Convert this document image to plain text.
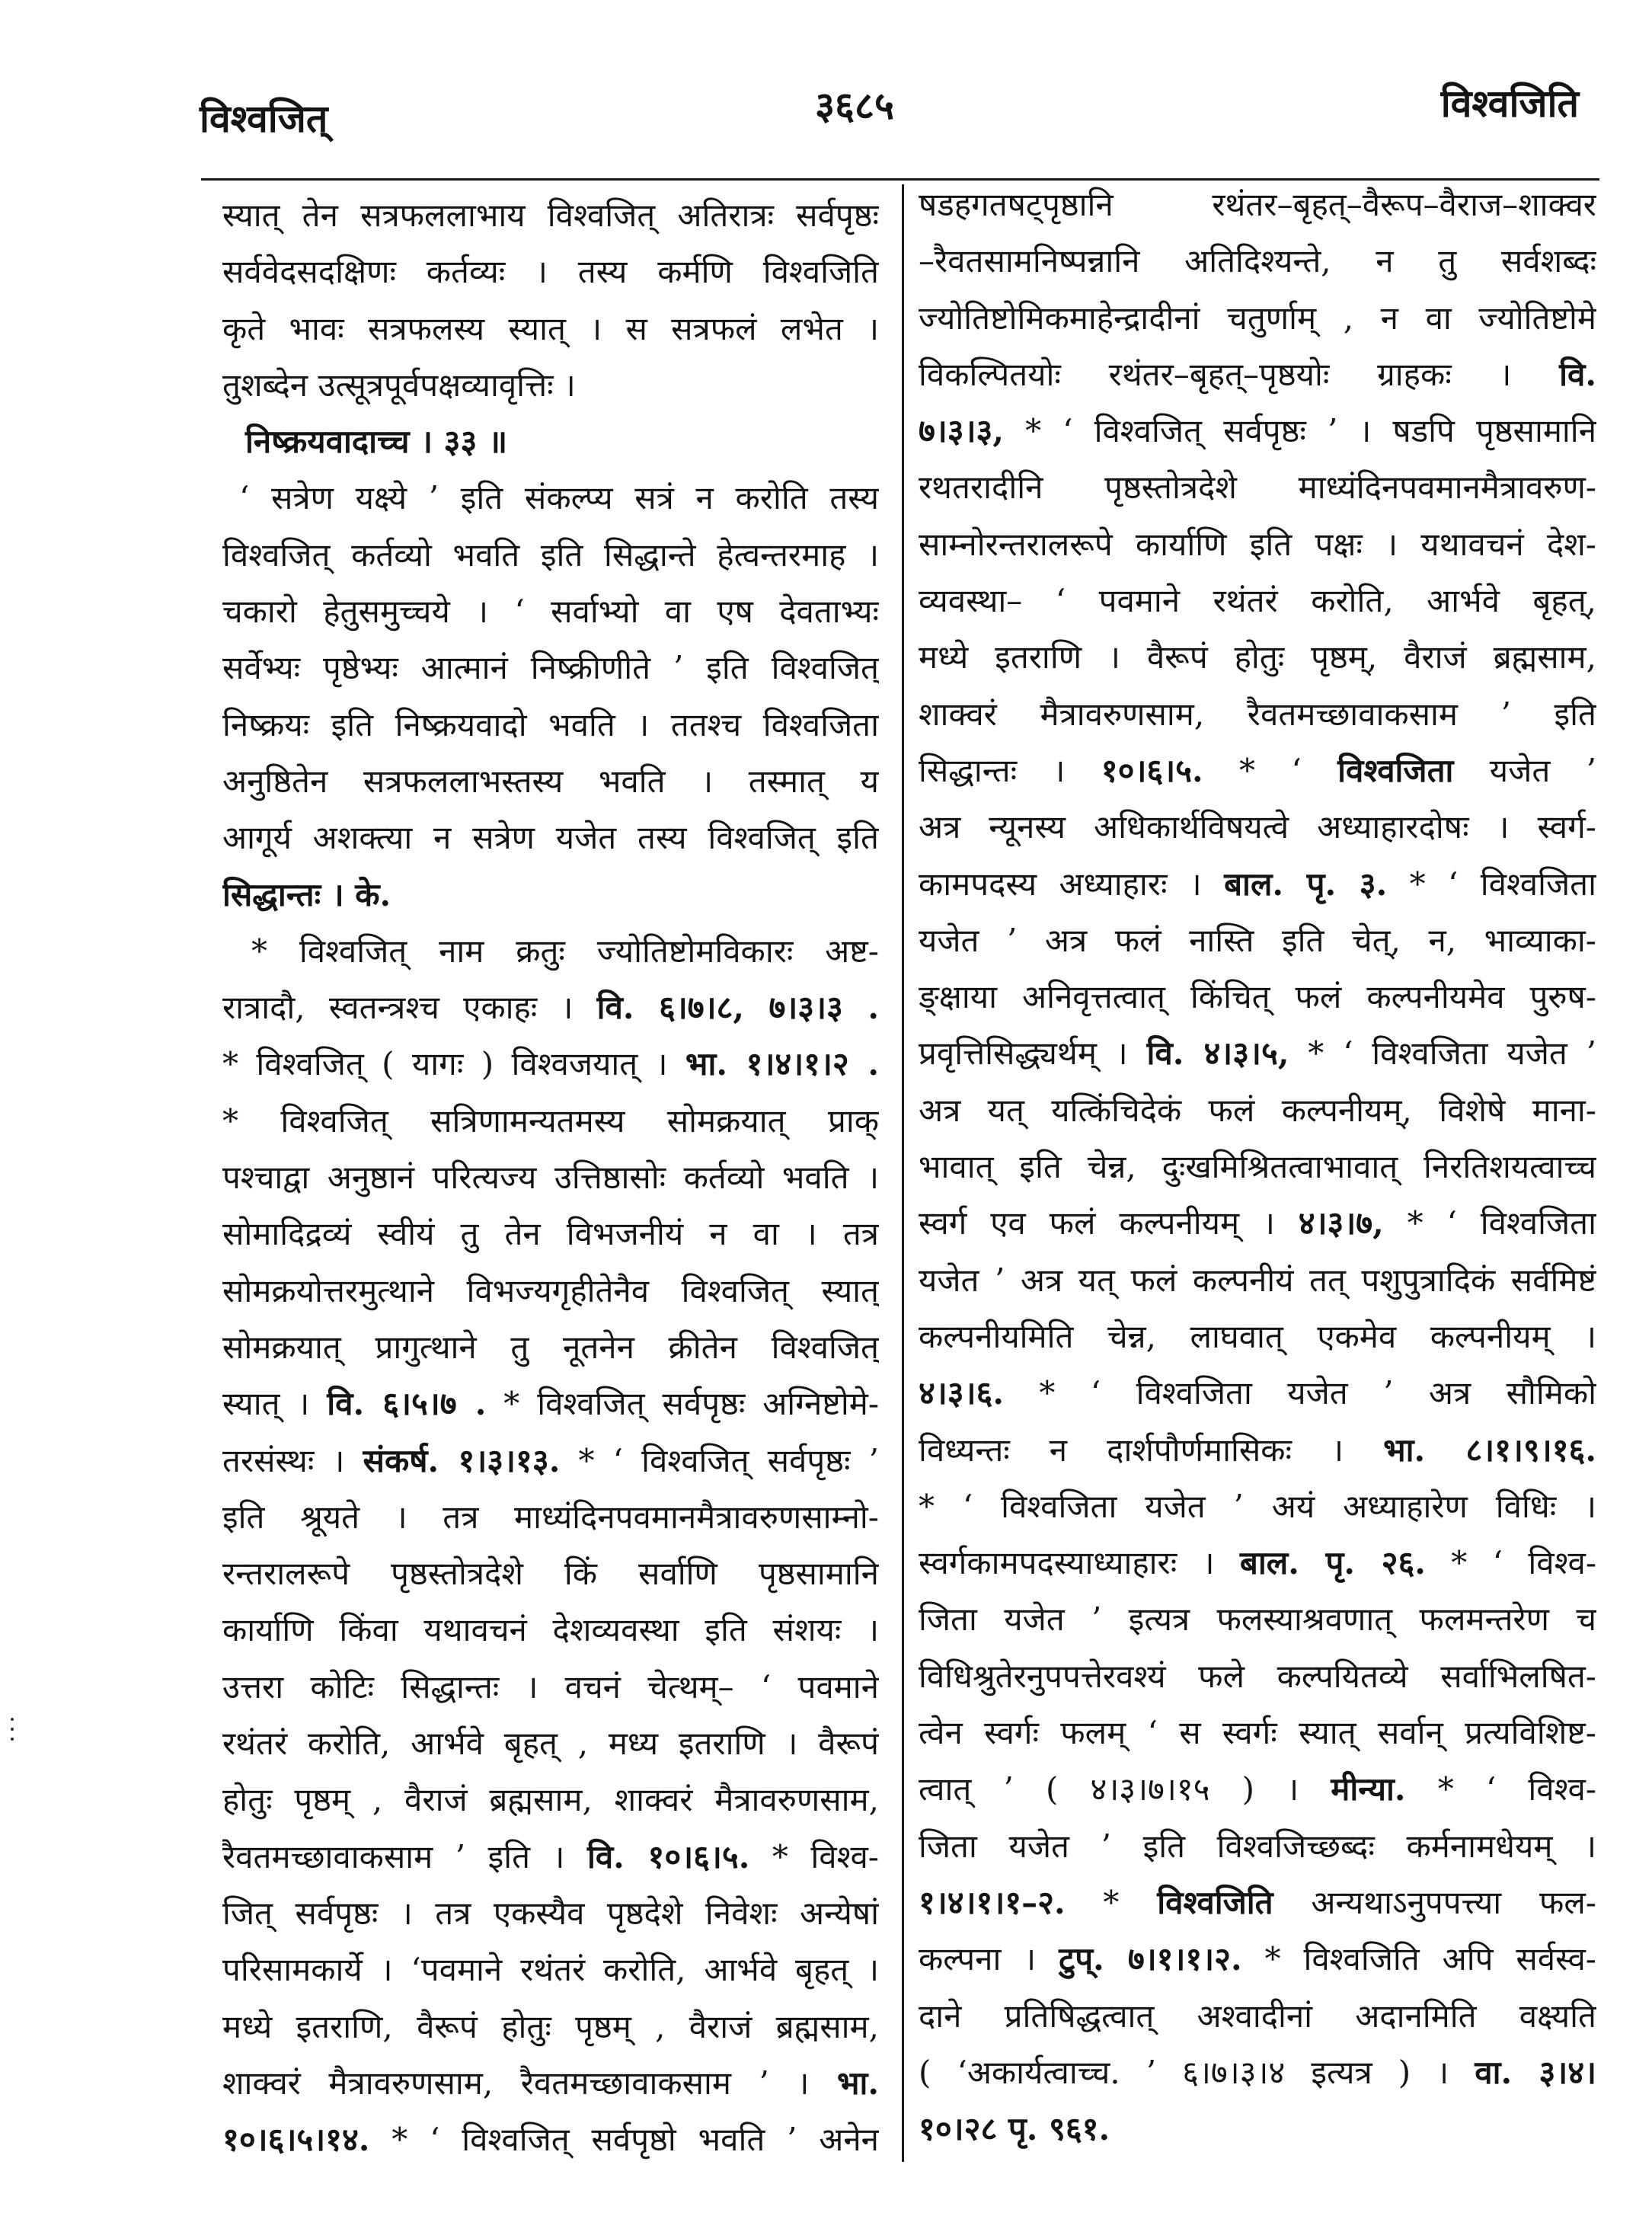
विश्वजित्	३६८५	विश्वजिति
स्यात् तेन सत्रफललाभाय विश्वजित् अतिरात्रः सर्वपृष्ठः
सर्ववेदसदक्षिणः कर्तव्यः । तस्य कर्मणि विश्वजिति
कृते भावः सत्रफलस्य स्यात् । स सत्रफलं लभेत ।
तुशब्देन उत्सूत्रपूर्वपक्षव्यावृत्तिः ।
निष्क्रयवादाच्च । ३३ ॥
‘ सत्रेण यक्ष्ये ’ इति संकल्प्य सत्रं न करोति तस्य
विश्वजित् कर्तव्यो भवति इति सिद्धान्ते हेत्वन्तरमाह ।
चकारो हेतुसमुच्चये । ‘ सर्वाभ्यो वा एष देवताभ्यः
सर्वेभ्यः पृष्ठेभ्यः आत्मानं निष्क्रीणीते ’ इति विश्वजित्
निष्क्रयः इति निष्क्रयवादो भवति । ततश्च विश्वजिता
अनुष्ठितेन सत्रफललाभस्तस्य भवति । तस्मात् य
आगूर्य अशक्त्या न सत्रेण यजेत तस्य विश्वजित् इति
सिद्धान्तः । के.
* विश्वजित् नाम क्रतुः ज्योतिष्टोमविकारः अष्ट-
रात्रादौ, स्वतन्त्रश्च एकाहः । वि. ६।७।८, ७।३।३ .
* विश्वजित् ( यागः ) विश्वजयात् । भा. १।४।१।२ .
* विश्वजित् सत्रिणामन्यतमस्य सोमक्रयात् प्राक्
पश्चाद्वा अनुष्ठानं परित्यज्य उत्तिष्ठासोः कर्तव्यो भवति ।
सोमादिद्रव्यं स्वीयं तु तेन विभजनीयं न वा । तत्र
सोमक्रयोत्तरमुत्थाने विभज्यगृहीतेनैव विश्वजित् स्यात्
सोमक्रयात् प्रागुत्थाने तु नूतनेन क्रीतेन विश्वजित्
स्यात् । वि. ६।५।७ . * विश्वजित् सर्वपृष्ठः अग्निष्टोमे-
तरसंस्थः । संकर्ष. १।३।१३. * ‘ विश्वजित् सर्वपृष्ठः ’
इति श्रूयते । तत्र माध्यंदिनपवमानमैत्रावरुणसाम्नो-
रन्तरालरूपे पृष्ठस्तोत्रदेशे किं सर्वाणि पृष्ठसामानि
कार्याणि किंवा यथावचनं देशव्यवस्था इति संशयः ।
उत्तरा कोटिः सिद्धान्तः । वचनं चेत्थम्– ‘ पवमाने
रथंतरं करोति, आर्भवे बृहत् , मध्य इतराणि । वैरूपं
होतुः पृष्ठम् , वैराजं ब्रह्मसाम, शाक्वरं मैत्रावरुणसाम,
रैवतमच्छावाकसाम ’ इति । वि. १०।६।५. * विश्व-
जित् सर्वपृष्ठः । तत्र एकस्यैव पृष्ठदेशे निवेशः अन्येषां
परिसामकार्ये । ‘पवमाने रथंतरं करोति, आर्भवे बृहत् ।
मध्ये इतराणि, वैरूपं होतुः पृष्ठम् , वैराजं ब्रह्मसाम,
शाक्वरं मैत्रावरुणसाम, रैवतमच्छावाकसाम ’ । भा.
१०।६।५।१४. * ‘ विश्वजित् सर्वपृष्ठो भवति ’ अनेन
षडहगतषट्पृष्ठानि रथंतर–बृहत्–वैरूप–वैराज–शाक्वर
–रैवतसामनिष्पन्नानि अतिदिश्यन्ते, न तु सर्वशब्दः
ज्योतिष्टोमिकमाहेन्द्रादीनां चतुर्णाम् , न वा ज्योतिष्टोमे
विकल्पितयोः रथंतर–बृहत्–पृष्ठयोः ग्राहकः । वि.
७।३।३, * ‘ विश्वजित् सर्वपृष्ठः ’ । षडपि पृष्ठसामानि
रथतरादीनि पृष्ठस्तोत्रदेशे माध्यंदिनपवमानमैत्रावरुण-
साम्नोरन्तरालरूपे कार्याणि इति पक्षः । यथावचनं देश-
व्यवस्था– ‘ पवमाने रथंतरं करोति, आर्भवे बृहत्,
मध्ये इतराणि । वैरूपं होतुः पृष्ठम्, वैराजं ब्रह्मसाम,
शाक्वरं मैत्रावरुणसाम, रैवतमच्छावाकसाम ’ इति
सिद्धान्तः । १०।६।५. * ‘ विश्वजिता यजेत ’
अत्र न्यूनस्य अधिकार्थविषयत्वे अध्याहारदोषः । स्वर्ग-
कामपदस्य अध्याहारः । बाल. पृ. ३. * ‘ विश्वजिता
यजेत ’ अत्र फलं नास्ति इति चेत्, न, भाव्याका-
ङ्क्षाया अनिवृत्तत्वात् किंचित् फलं कल्पनीयमेव पुरुष-
प्रवृत्तिसिद्ध्यर्थम् । वि. ४।३।५, * ‘ विश्वजिता यजेत ’
अत्र यत् यत्किंचिदेकं फलं कल्पनीयम्, विशेषे माना-
भावात् इति चेन्न, दुःखमिश्रितत्वाभावात् निरतिशयत्वाच्च
स्वर्ग एव फलं कल्पनीयम् । ४।३।७, * ‘ विश्वजिता
यजेत ’ अत्र यत् फलं कल्पनीयं तत् पशुपुत्रादिकं सर्वमिष्टं
कल्पनीयमिति चेन्न, लाघवात् एकमेव कल्पनीयम् ।
४।३।६. * ‘ विश्वजिता यजेत ’ अत्र सौमिको
विध्यन्तः न दार्शपौर्णमासिकः । भा. ८।१।९।१६.
* ‘ विश्वजिता यजेत ’ अयं अध्याहारेण विधिः ।
स्वर्गकामपदस्याध्याहारः । बाल. पृ. २६. * ‘ विश्व-
जिता यजेत ’ इत्यत्र फलस्याश्रवणात् फलमन्तरेण च
विधिश्रुतेरनुपपत्तेरवश्यं फले कल्पयितव्ये सर्वाभिलषित-
त्वेन स्वर्गः फलम् ‘ स स्वर्गः स्यात् सर्वान् प्रत्यविशिष्ट-
त्वात् ’ ( ४।३।७।१५ ) । मीन्या. * ‘ विश्व-
जिता यजेत ’ इति विश्वजिच्छब्दः कर्मनामधेयम् ।
१।४।१।१–२. * विश्वजिति अन्यथाऽनुपपत्त्या फल-
कल्पना । टुप्. ७।१।१।२. * विश्वजिति अपि सर्वस्व-
दाने प्रतिषिद्धत्वात् अश्वादीनां अदानमिति वक्ष्यति
( ‘अकार्यत्वाच्च. ’ ६।७।३।४ इत्यत्र ) । वा. ३।४।
१०।२८ पृ. ९६१.
